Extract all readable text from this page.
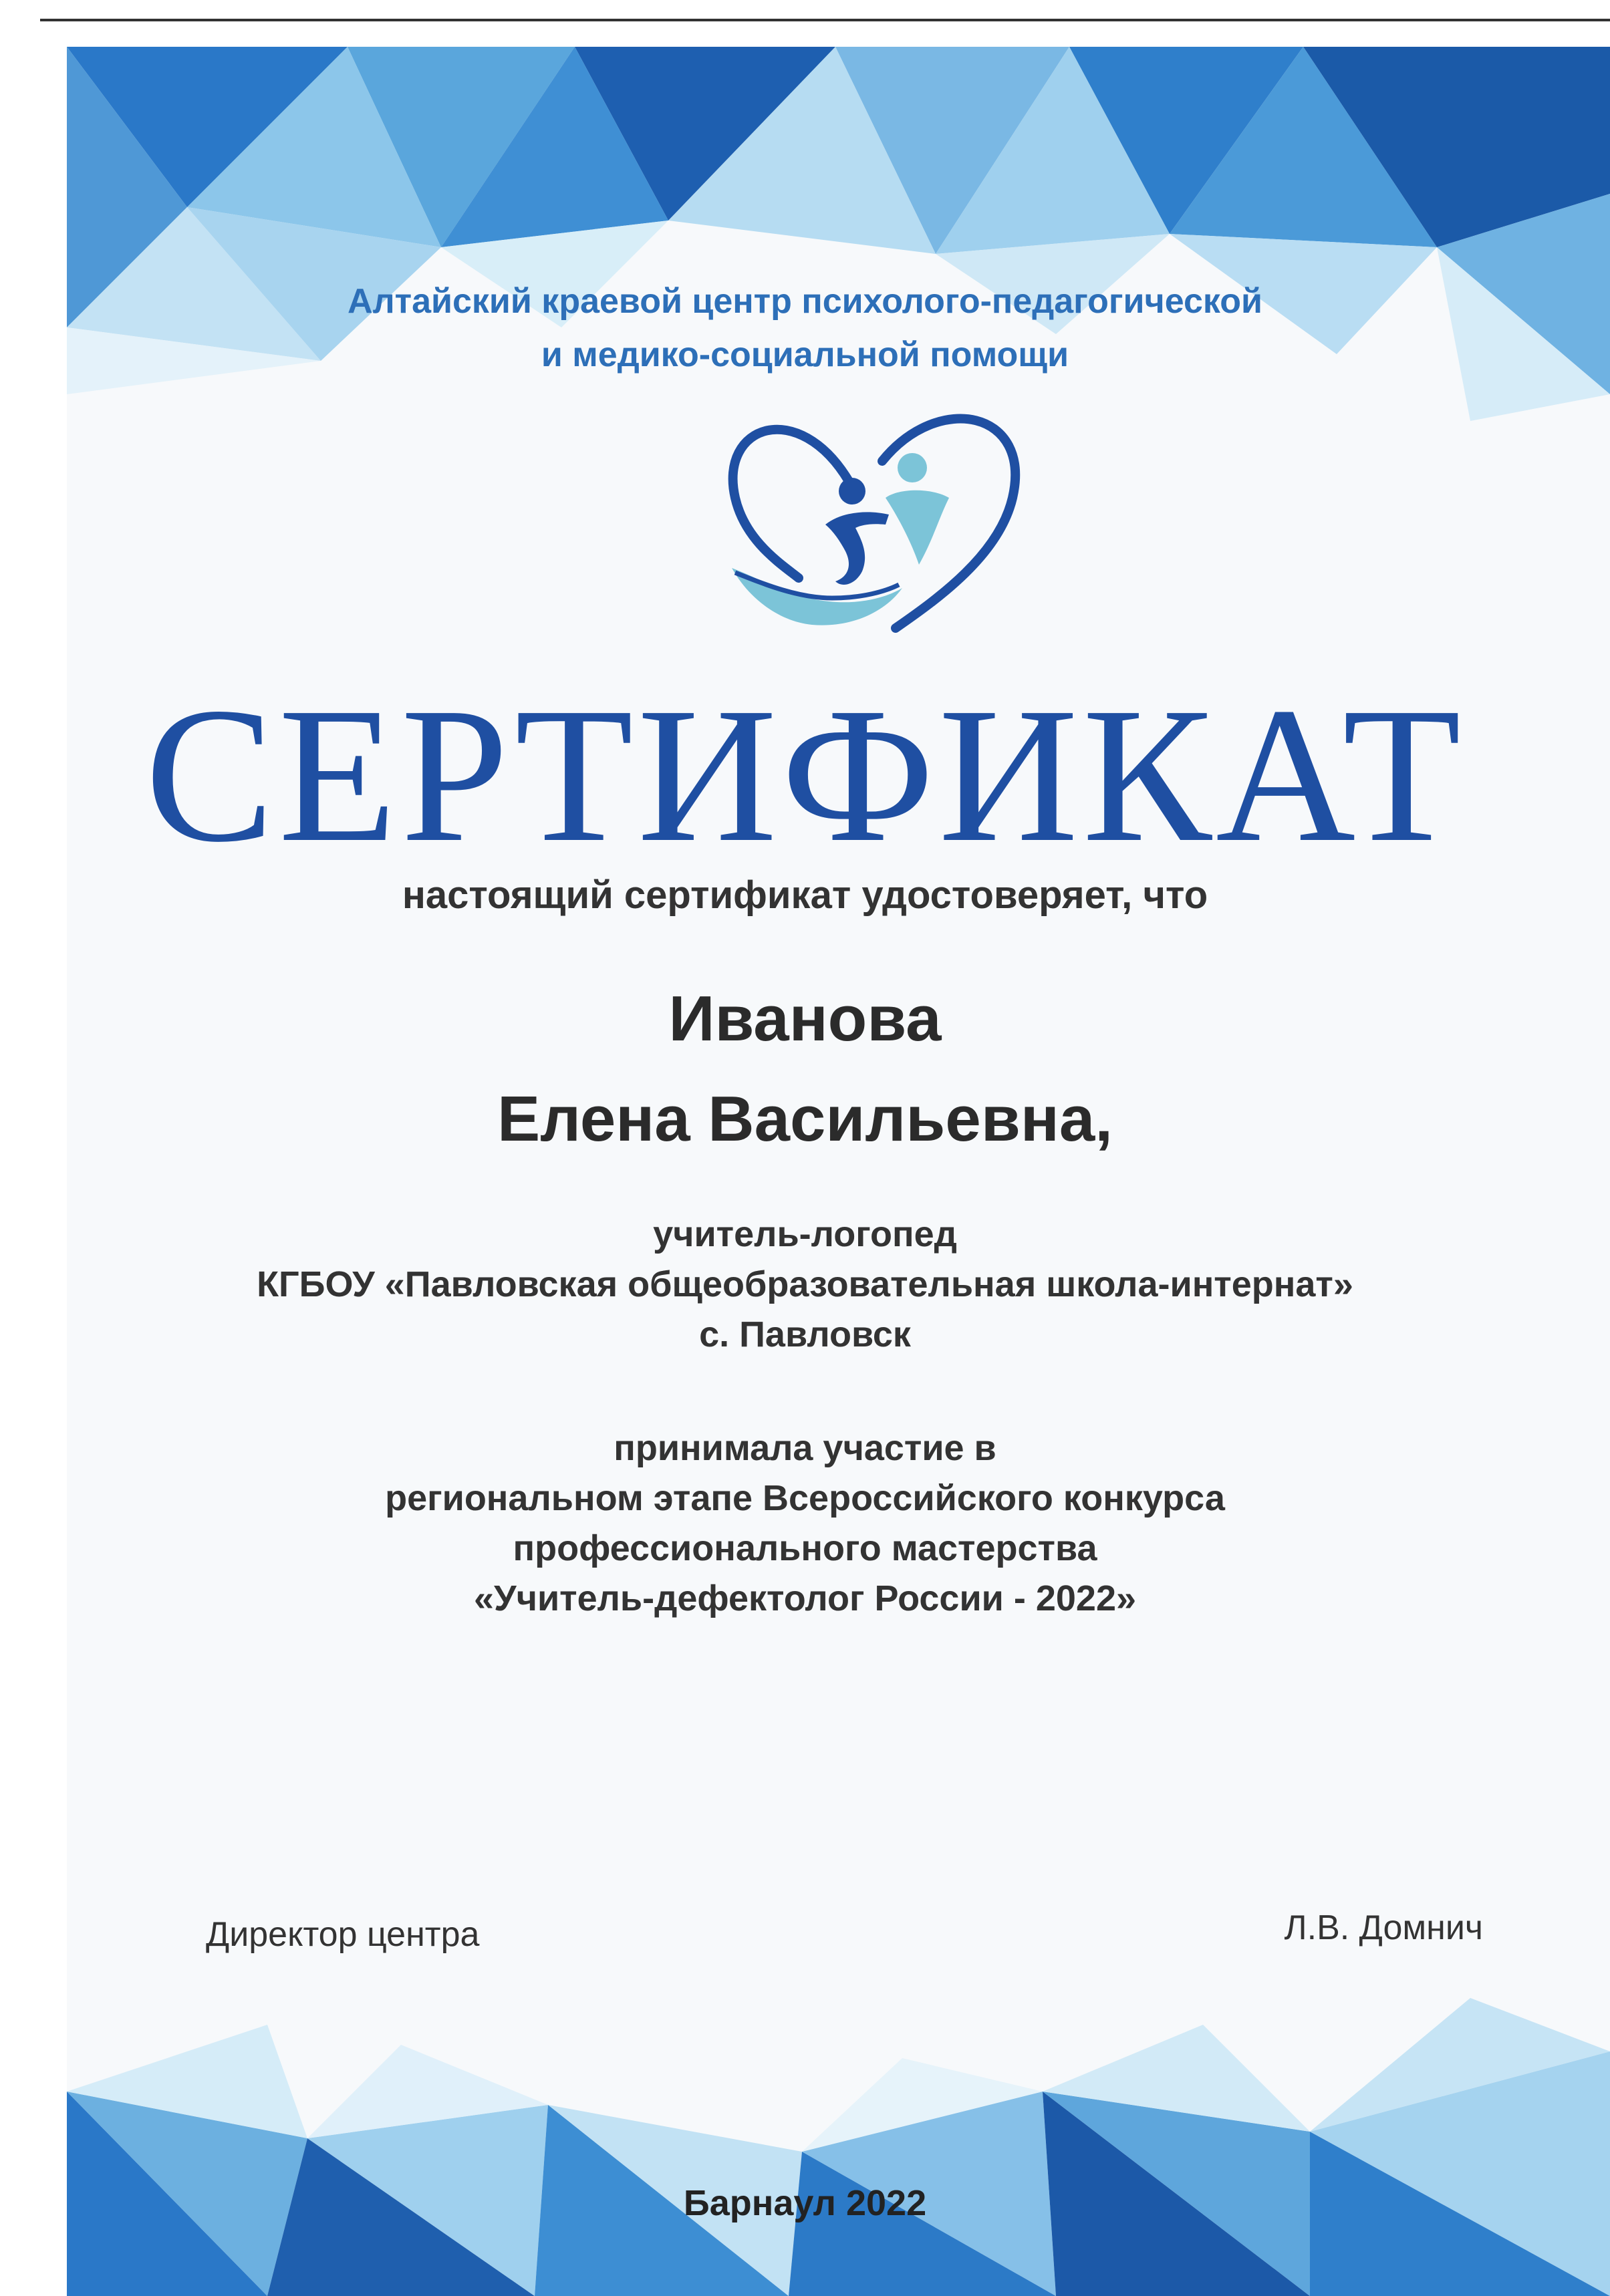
Алтайский краевой центр психолого-педагогической
и медико-социальной помощи
СЕРТИФИКАТ
настоящий сертификат удостоверяет, что
Иванова
Елена Васильевна,
учитель-логопед
КГБОУ «Павловская общеобразовательная школа-интернат»
с. Павловск
принимала участие в
региональном этапе Всероссийского конкурса
профессионального мастерства
«Учитель-дефектолог России - 2022»
Директор центра	Л.В. Домнич
Барнаул 2022
